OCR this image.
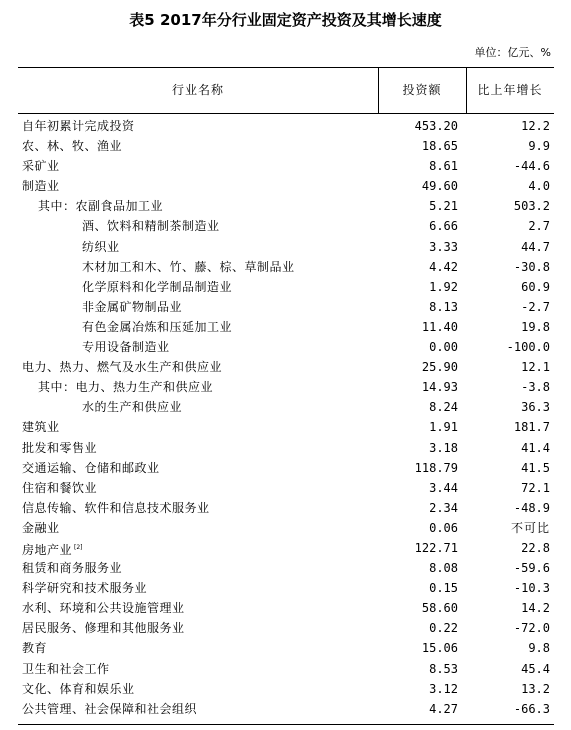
表5 2017年分行业固定资产投资及其增长速度
单位：亿元、%
行业名称	投资额	比上年增长
自年初累计完成投资	453.20	12.2
农、林、牧、渔业	18.65	9.9
采矿业	8.61	-44.6
制造业	49.60	4.0
其中：农副食品加工业	5.21	503.2
酒、饮料和精制茶制造业	6.66	2.7
纺织业	3.33	44.7
木材加工和木、竹、藤、棕、草制品业	4.42	-30.8
化学原料和化学制品制造业	1.92	60.9
非金属矿物制品业	8.13	-2.7
有色金属冶炼和压延加工业	11.40	19.8
专用设备制造业	0.00	-100.0
电力、热力、燃气及水生产和供应业	25.90	12.1
其中：电力、热力生产和供应业	14.93	-3.8
水的生产和供应业	8.24	36.3
建筑业	1.91	181.7
批发和零售业	3.18	41.4
交通运输、仓储和邮政业	118.79	41.5
住宿和餐饮业	3.44	72.1
信息传输、软件和信息技术服务业	2.34	-48.9
金融业	0.06	不可比
房地产业 [2]	122.71	22.8
租赁和商务服务业	8.08	-59.6
科学研究和技术服务业	0.15	-10.3
水利、环境和公共设施管理业	58.60	14.2
居民服务、修理和其他服务业	0.22	-72.0
教育	15.06	9.8
卫生和社会工作	8.53	45.4
文化、体育和娱乐业	3.12	13.2
公共管理、社会保障和社会组织	4.27	-66.3
